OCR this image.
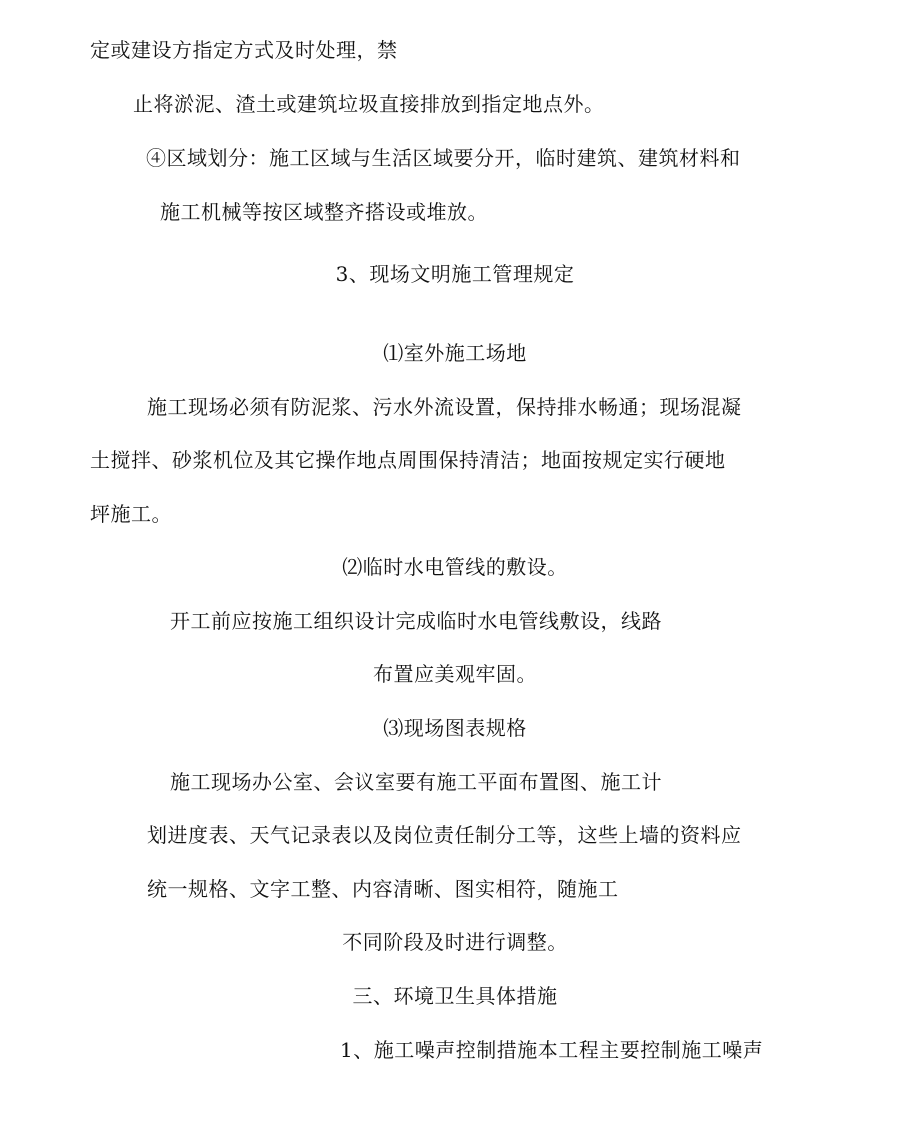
定或建设方指定方式及时处理，禁
止将淤泥、渣土或建筑垃圾直接排放到指定地点外。
④区域划分：施工区域与生活区域要分开，临时建筑、建筑材料和
施工机械等按区域整齐搭设或堆放。
3、现场文明施工管理规定
⑴室外施工场地
施工现场必须有防泥浆、污水外流设置，保持排水畅通；现场混凝
土搅拌、砂浆机位及其它操作地点周围保持清洁；地面按规定实行硬地
坪施工。
⑵临时水电管线的敷设。
开工前应按施工组织设计完成临时水电管线敷设，线路
布置应美观牢固。
⑶现场图表规格
施工现场办公室、会议室要有施工平面布置图、施工计
划进度表、天气记录表以及岗位责任制分工等，这些上墙的资料应
统一规格、文字工整、内容清晰、图实相符，随施工
不同阶段及时进行调整。
三、环境卫生具体措施
1、施工噪声控制措施本工程主要控制施工噪声
